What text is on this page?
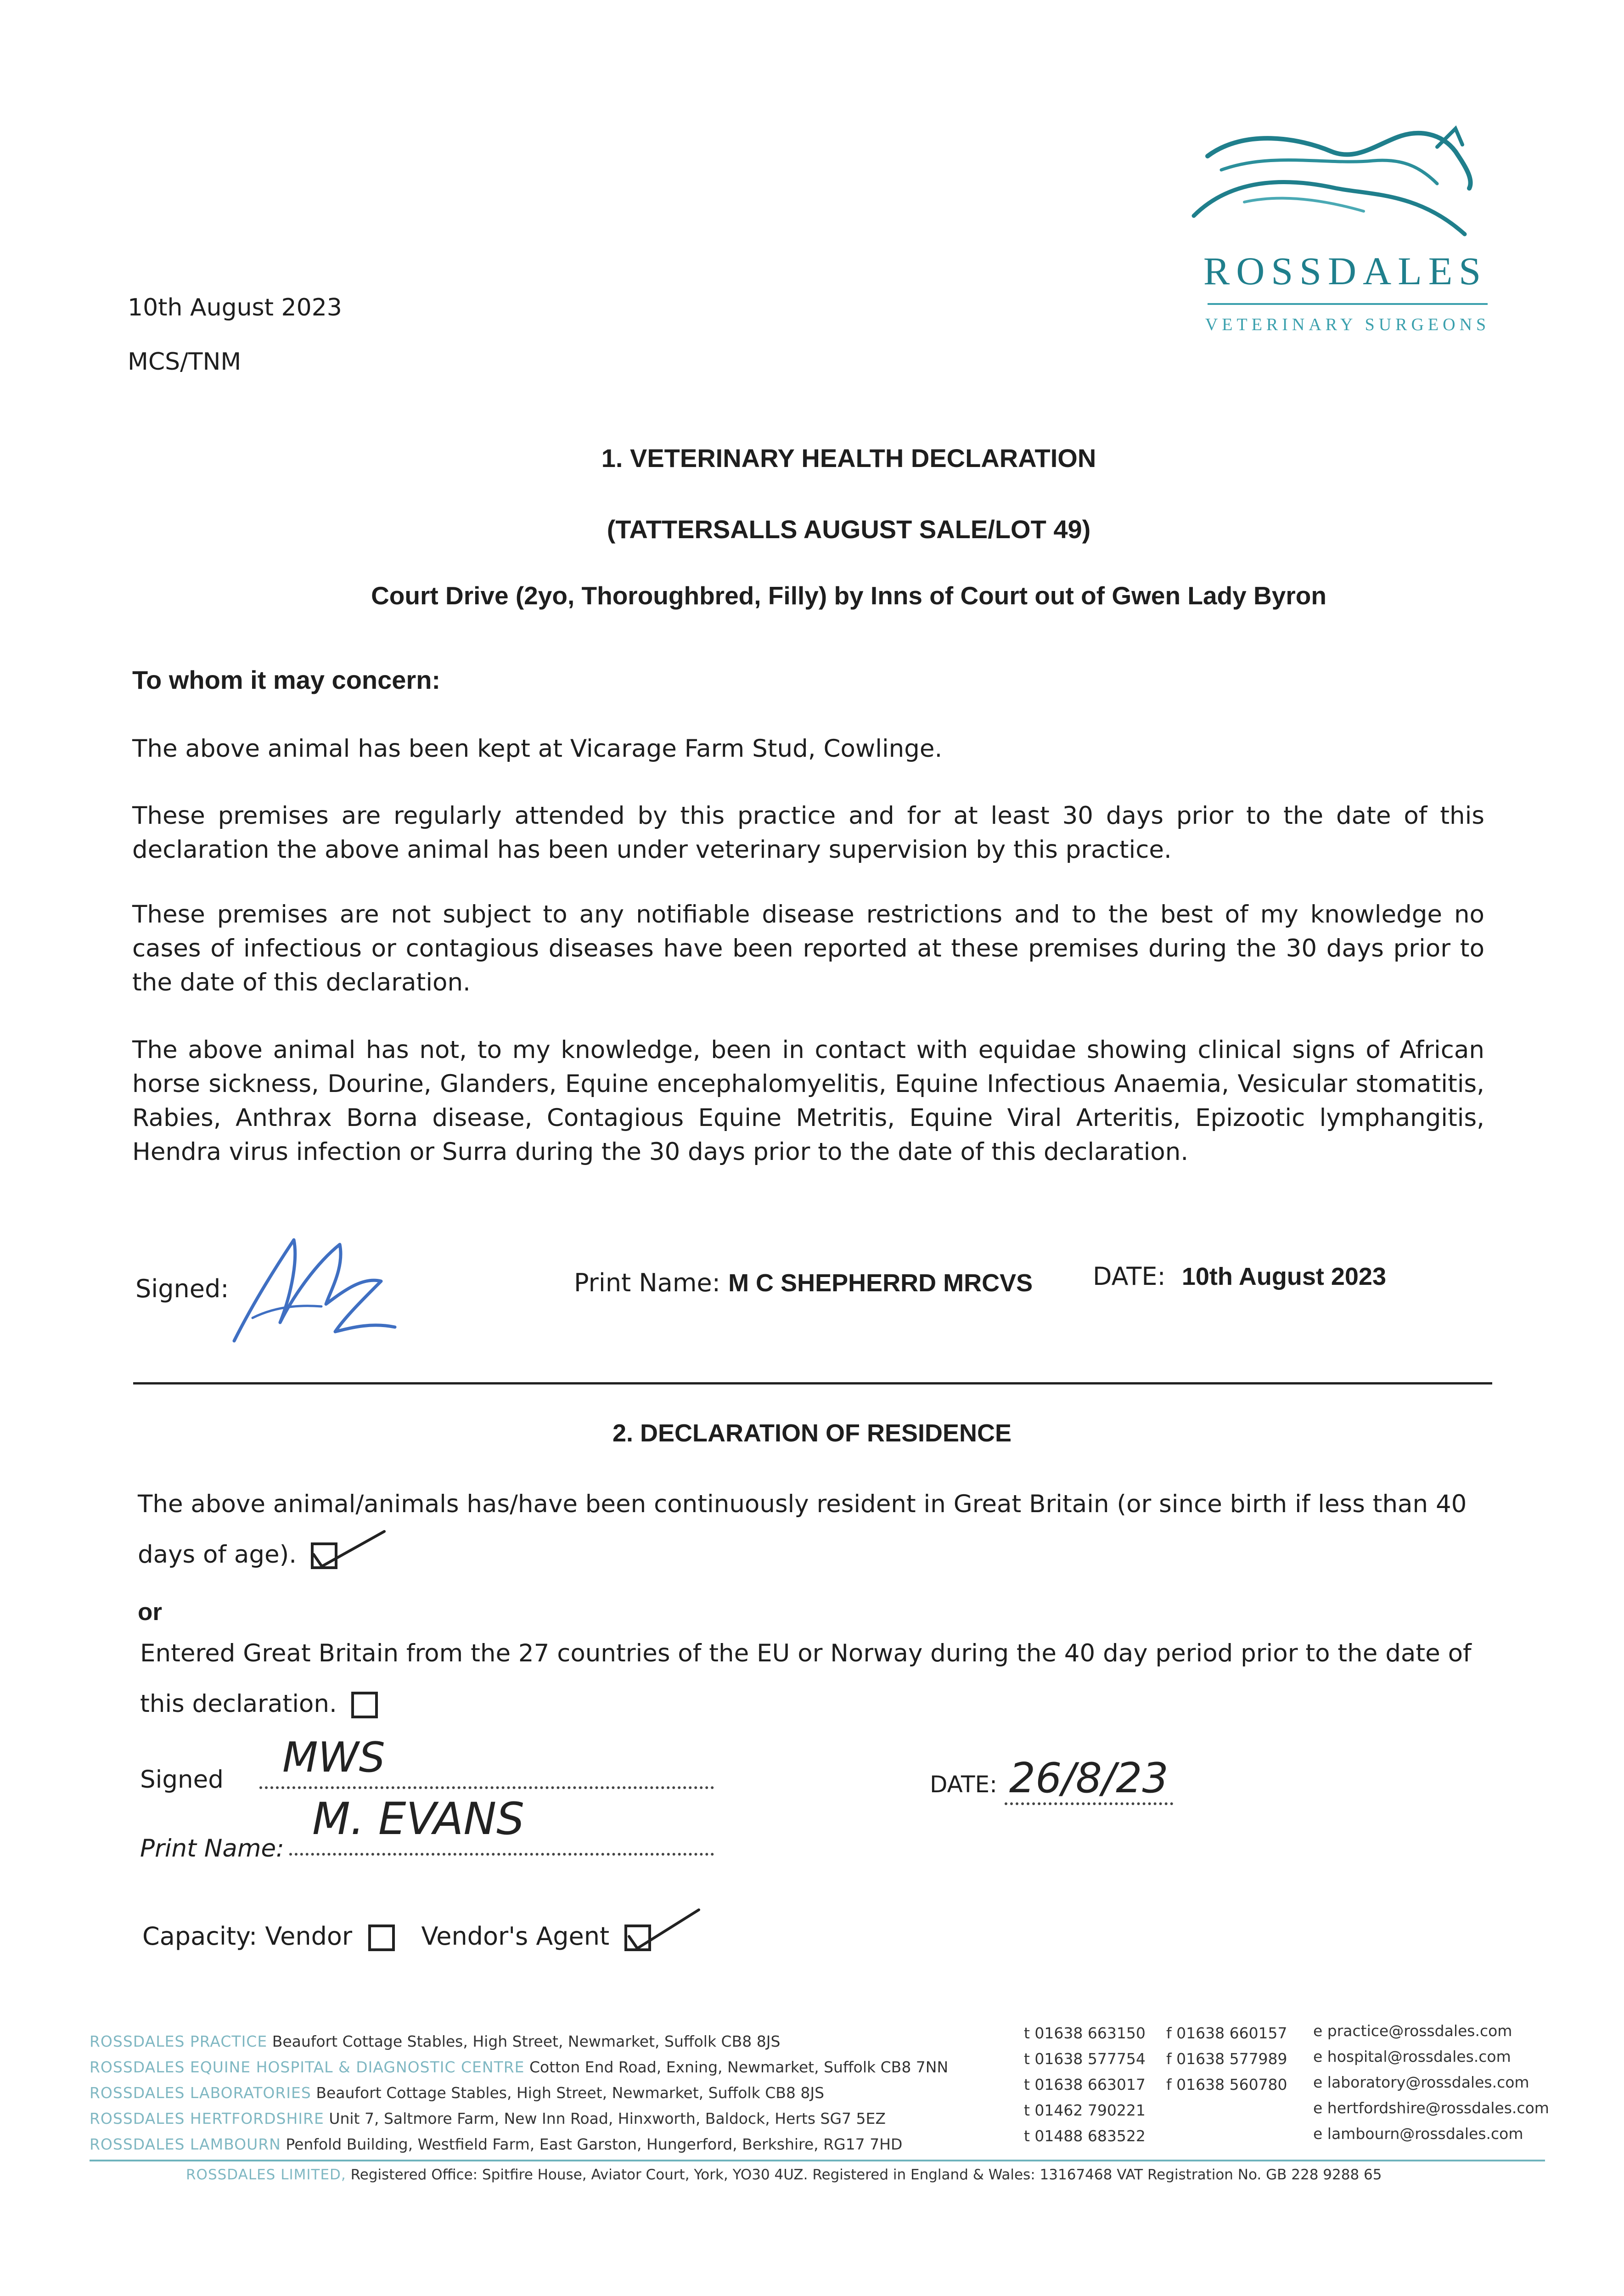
ROSSDALES
VETERINARY SURGEONS
10th August 2023
MCS/TNM
1. VETERINARY HEALTH DECLARATION
(TATTERSALLS AUGUST SALE/LOT 49)
Court Drive (2yo, Thoroughbred, Filly) by Inns of Court out of Gwen Lady Byron
To whom it may concern:
The above animal has been kept at Vicarage Farm Stud, Cowlinge.
These premises are regularly attended by this practice and for at least 30 days prior to the date of this declaration the above animal has been under veterinary supervision by this practice.
These premises are not subject to any notifiable disease restrictions and to the best of my knowledge no cases of infectious or contagious diseases have been reported at these premises during the 30 days prior to the date of this declaration.
The above animal has not, to my knowledge, been in contact with equidae showing clinical signs of African horse sickness, Dourine, Glanders, Equine encephalomyelitis, Equine Infectious Anaemia, Vesicular stomatitis, Rabies, Anthrax Borna disease, Contagious Equine Metritis, Equine Viral Arteritis, Epizootic lymphangitis, Hendra virus infection or Surra during the 30 days prior to the date of this declaration.
Signed:	Print Name: M C SHEPHERRD MRCVS DATE: 10th August 2023
2. DECLARATION OF RESIDENCE
The above animal/animals has/have been continuously resident in Great Britain (or since birth if less than 40
days of age).
or
Entered Great Britain from the 27 countries of the EU or Norway during the 40 day period prior to the date of
this declaration.
Signed MWS
DATE: 26/8/23
Print Name:
M. EVANS
Capacity: Vendor	Vendor's Agent
ROSSDALES PRACTICE Beaufort Cottage Stables, High Street, Newmarket, Suffolk CB8 8JS
ROSSDALES EQUINE HOSPITAL & DIAGNOSTIC CENTRE Cotton End Road, Exning, Newmarket, Suffolk CB8 7NN
ROSSDALES LABORATORIES Beaufort Cottage Stables, High Street, Newmarket, Suffolk CB8 8JS
ROSSDALES HERTFORDSHIRE Unit 7, Saltmore Farm, New Inn Road, Hinxworth, Baldock, Herts SG7 5EZ
ROSSDALES LAMBOURN Penfold Building, Westfield Farm, East Garston, Hungerford, Berkshire, RG17 7HD
t 01638 663150
t 01638 577754
t 01638 663017
t 01462 790221
t 01488 683522
f 01638 660157
f 01638 577989
f 01638 560780
e practice@rossdales.com
e hospital@rossdales.com
e laboratory@rossdales.com
e hertfordshire@rossdales.com
e lambourn@rossdales.com
ROSSDALES LIMITED, Registered Office: Spitfire House, Aviator Court, York, YO30 4UZ. Registered in England & Wales: 13167468 VAT Registration No. GB 228 9288 65
